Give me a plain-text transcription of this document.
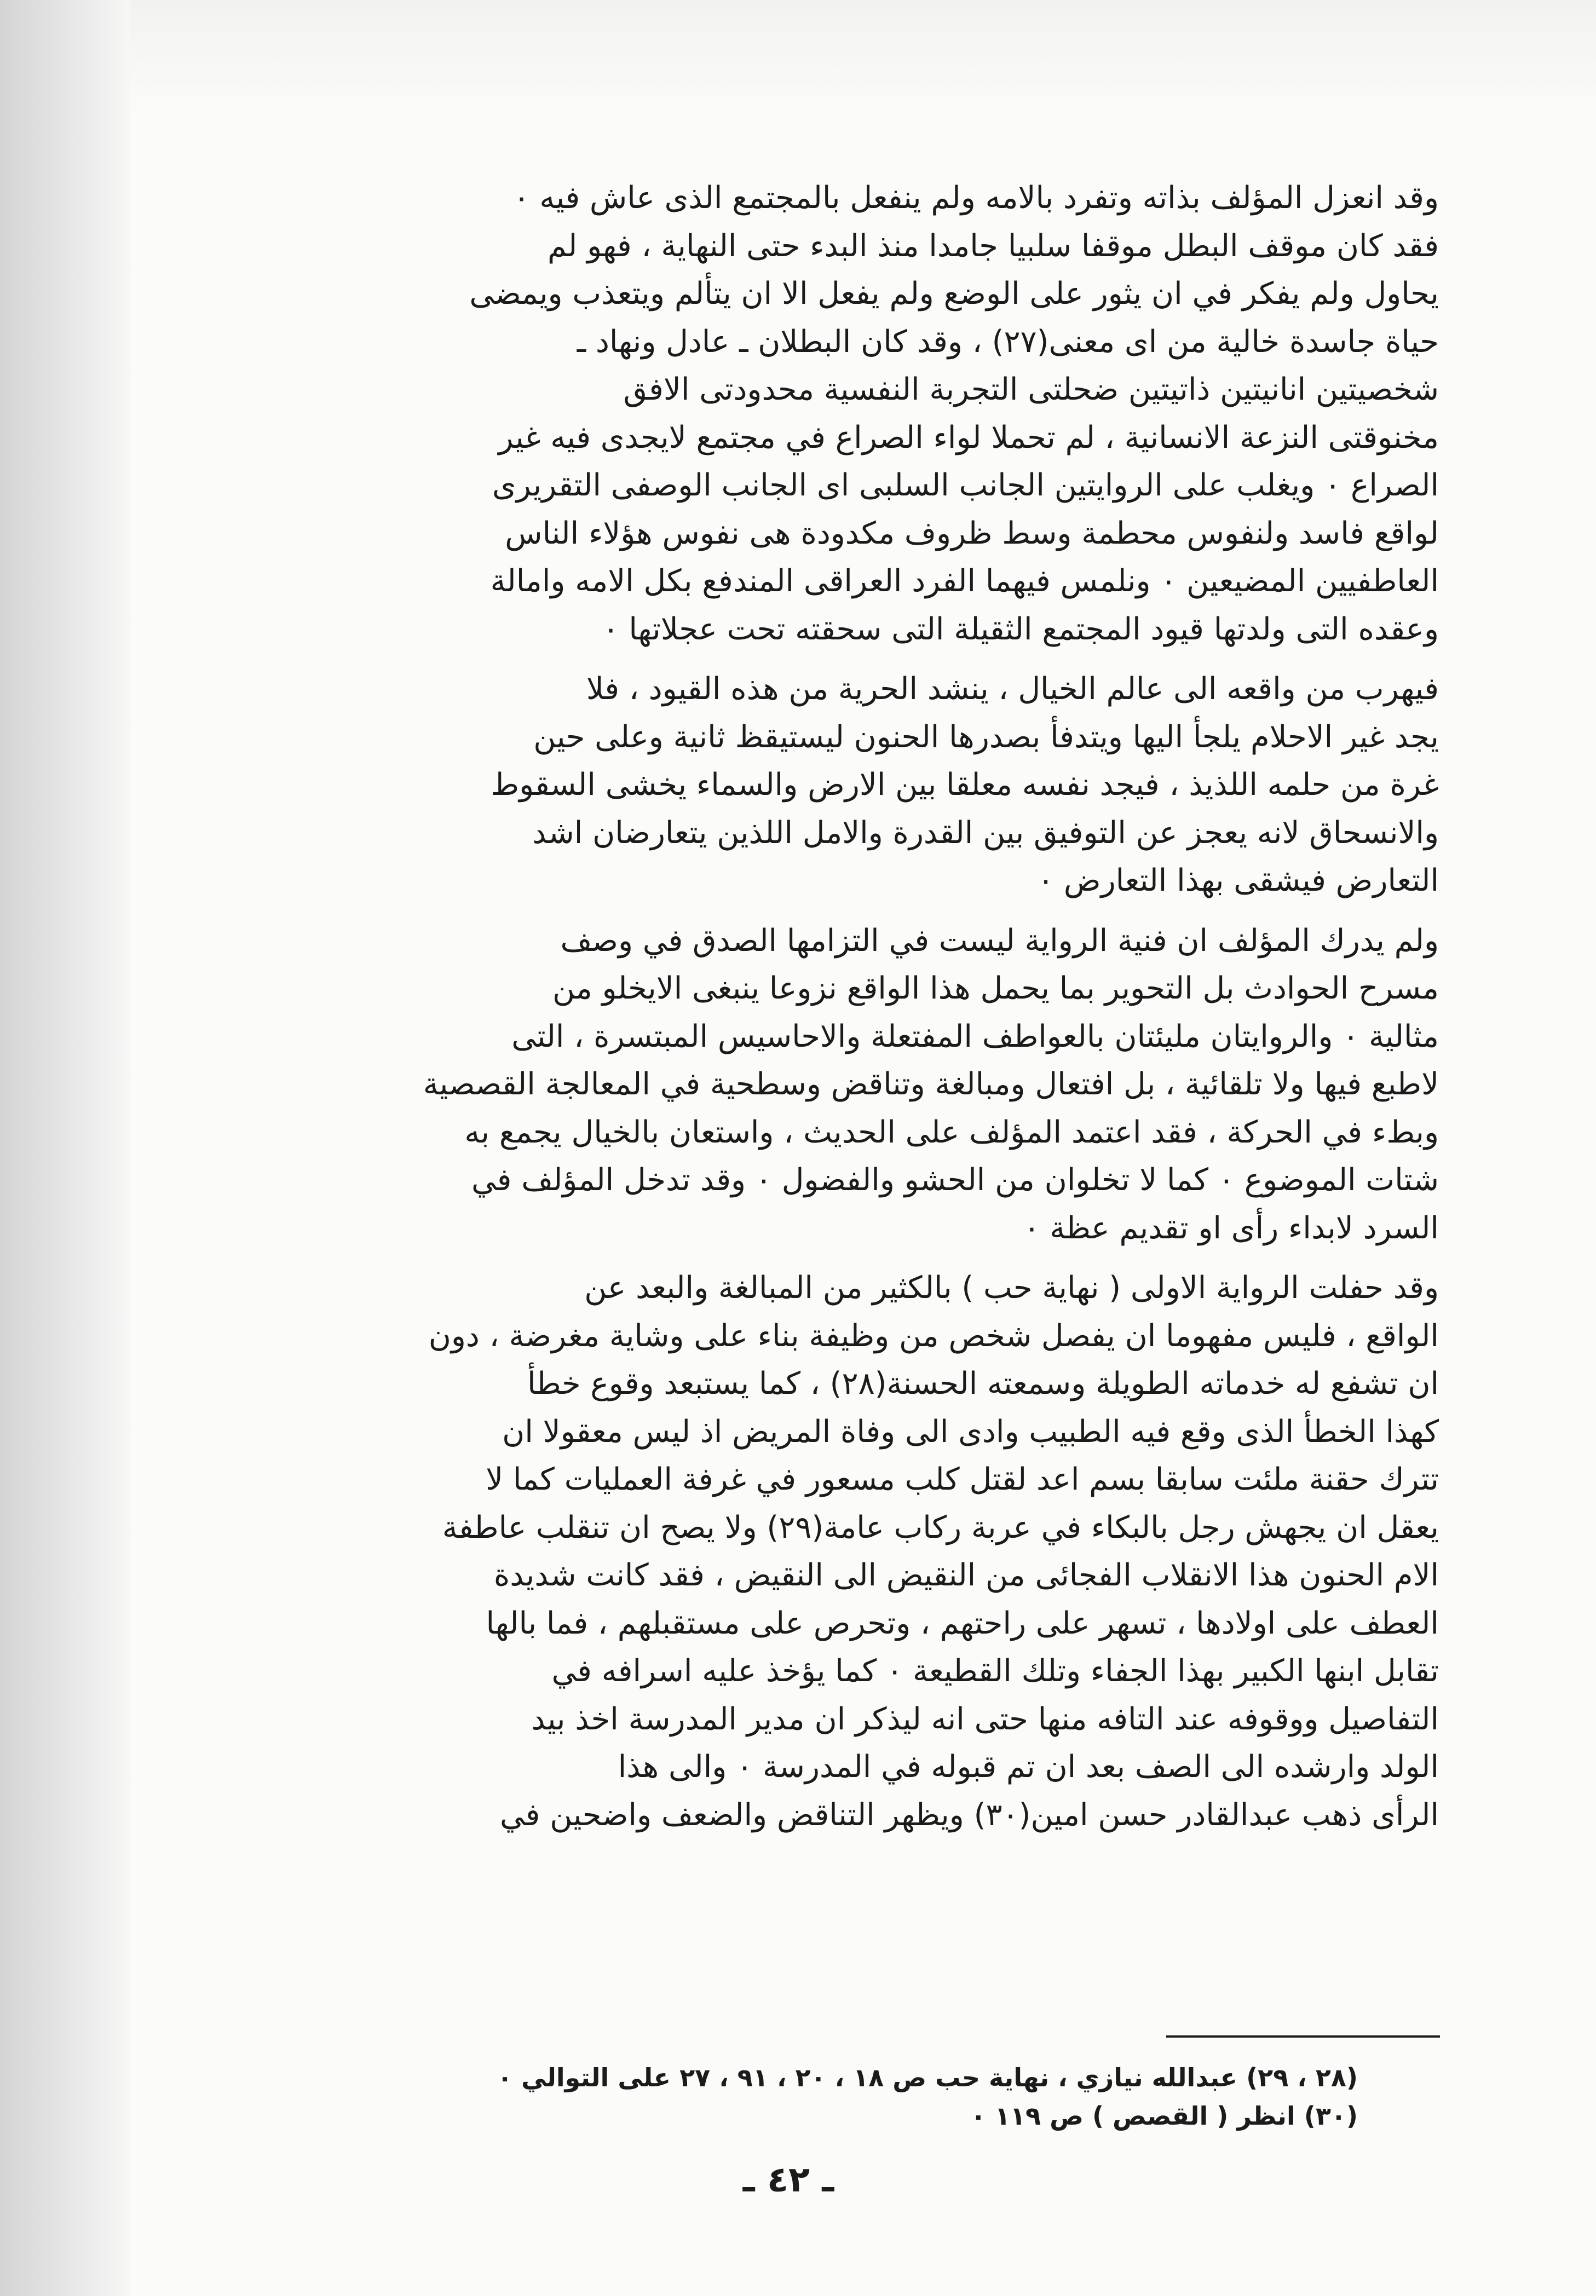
وقد انعزل المؤلف بذاته وتفرد بالامه ولم ينفعل بالمجتمع الذى عاش فيه ٠
فقد كان موقف البطل موقفا سلبيا جامدا منذ البدء حتى النهاية ، فهو لم
يحاول ولم يفكر في ان يثور على الوضع ولم يفعل الا ان يتألم ويتعذب ويمضى
حياة جاسدة خالية من اى معنى(٢٧) ، وقد كان البطلان ـ عادل ونهاد ـ
شخصيتين انانيتين ذاتيتين ضحلتى التجربة النفسية محدودتى الافق
مخنوقتى النزعة الانسانية ، لم تحملا لواء الصراع في مجتمع لايجدى فيه غير
الصراع ٠ ويغلب على الروايتين الجانب السلبى اى الجانب الوصفى التقريرى
لواقع فاسد ولنفوس محطمة وسط ظروف مكدودة هى نفوس هؤلاء الناس
العاطفيين المضيعين ٠ ونلمس فيهما الفرد العراقى المندفع بكل الامه وامالة
وعقده التى ولدتها قيود المجتمع الثقيلة التى سحقته تحت عجلاتها ٠

فيهرب من واقعه الى عالم الخيال ، ينشد الحرية من هذه القيود ، فلا
يجد غير الاحلام يلجأ اليها ويتدفأ بصدرها الحنون ليستيقظ ثانية وعلى حين
غرة من حلمه اللذيذ ، فيجد نفسه معلقا بين الارض والسماء يخشى السقوط
والانسحاق لانه يعجز عن التوفيق بين القدرة والامل اللذين يتعارضان اشد
التعارض فيشقى بهذا التعارض ٠

ولم يدرك المؤلف ان فنية الرواية ليست في التزامها الصدق في وصف
مسرح الحوادث بل التحوير بما يحمل هذا الواقع نزوعا ينبغى الايخلو من
مثالية ٠ والروايتان مليئتان بالعواطف المفتعلة والاحاسيس المبتسرة ، التى
لاطبع فيها ولا تلقائية ، بل افتعال ومبالغة وتناقض وسطحية في المعالجة القصصية
وبطء في الحركة ، فقد اعتمد المؤلف على الحديث ، واستعان بالخيال يجمع به
شتات الموضوع ٠ كما لا تخلوان من الحشو والفضول ٠ وقد تدخل المؤلف في
السرد لابداء رأى او تقديم عظة ٠

وقد حفلت الرواية الاولى ( نهاية حب ) بالكثير من المبالغة والبعد عن
الواقع ، فليس مفهوما ان يفصل شخص من وظيفة بناء على وشاية مغرضة ، دون
ان تشفع له خدماته الطويلة وسمعته الحسنة(٢٨) ، كما يستبعد وقوع خطأ
كهذا الخطأ الذى وقع فيه الطبيب وادى الى وفاة المريض اذ ليس معقولا ان
تترك حقنة ملئت سابقا بسم اعد لقتل كلب مسعور في غرفة العمليات كما لا
يعقل ان يجهش رجل بالبكاء في عربة ركاب عامة(٢٩) ولا يصح ان تنقلب عاطفة
الام الحنون هذا الانقلاب الفجائى من النقيض الى النقيض ، فقد كانت شديدة
العطف على اولادها ، تسهر على راحتهم ، وتحرص على مستقبلهم ، فما بالها
تقابل ابنها الكبير بهذا الجفاء وتلك القطيعة ٠ كما يؤخذ عليه اسرافه في
التفاصيل ووقوفه عند التافه منها حتى انه ليذكر ان مدير المدرسة اخذ بيد
الولد وارشده الى الصف بعد ان تم قبوله في المدرسة ٠ والى هذا
الرأى ذهب عبدالقادر حسن امين(٣٠) ويظهر التناقض والضعف واضحين في

(٢٨ ، ٢٩) عبدالله نيازي ، نهاية حب ص ١٨ ، ٢٠ ، ٩١ ، ٢٧ على التوالي ٠
(٣٠) انظر ( القصص ) ص ١١٩ ٠
ـ ٤٢ ـ
